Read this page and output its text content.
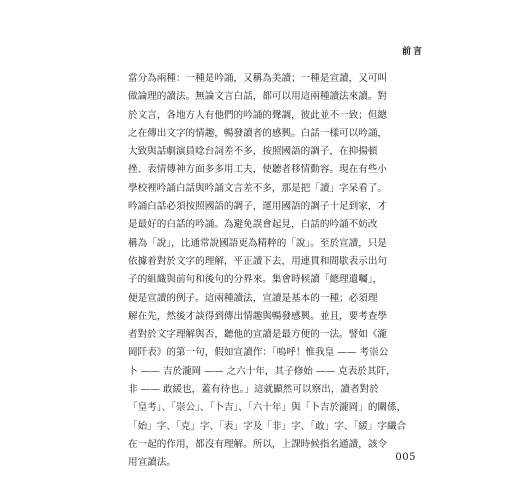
前言
當分為兩種：一種是吟誦，又稱為美讀；一種是宣讀，又可叫
做論理的讀法。無論文言白話，都可以用這兩種讀法來讀。對
於文言，各地方人有他們的吟誦的聲調，彼此並不一致；但總
之在傳出文字的情趣，暢發讀者的感興。白話一樣可以吟誦，
大致與話劇演員唸台詞差不多，按照國語的調子，在抑揚頓
挫、表情傳神方面多多用工夫，使聽者移情動容。現在有些小
學校裡吟誦白話與吟誦文言差不多，那是把「讀」字呆看了。
吟誦白話必須按照國語的調子，運用國語的調子十足到家，才
是最好的白話的吟誦。為避免誤會起見，白話的吟誦不妨改
稱為「說」，比通常說國語更為精粹的「說」。至於宣讀，只是
依據着對於文字的理解，平正讀下去，用連貫和間歇表示出句
子的組織與前句和後句的分界來。集會時候讀「總理遺囑」，
便是宣讀的例子。這兩種讀法，宣讀是基本的一種；必須理
解在先，然後才談得到傳出情趣與暢發感興。並且，要考查學
者對於文字理解與否，聽他的宣讀是最方便的一法。譬如《瀧
岡阡表》的第一句，假如宣讀作：「嗚呼！惟我皇 —— 考崇公
卜 —— 吉於瀧岡 —— 之六十年，其子修始 —— 克表於其阡，
非 —— 敢緩也，蓋有待也。」這就顯然可以察出，讀者對於
「皇考」、「崇公」、「卜吉」、「六十年」與「卜吉於瀧岡」的關係，
「始」字、「克」字、「表」字及「非」字、「敢」字、「緩」字繊合
在一起的作用，都沒有理解。所以，上課時候指名通讀，該令
用宣讀法。	005
